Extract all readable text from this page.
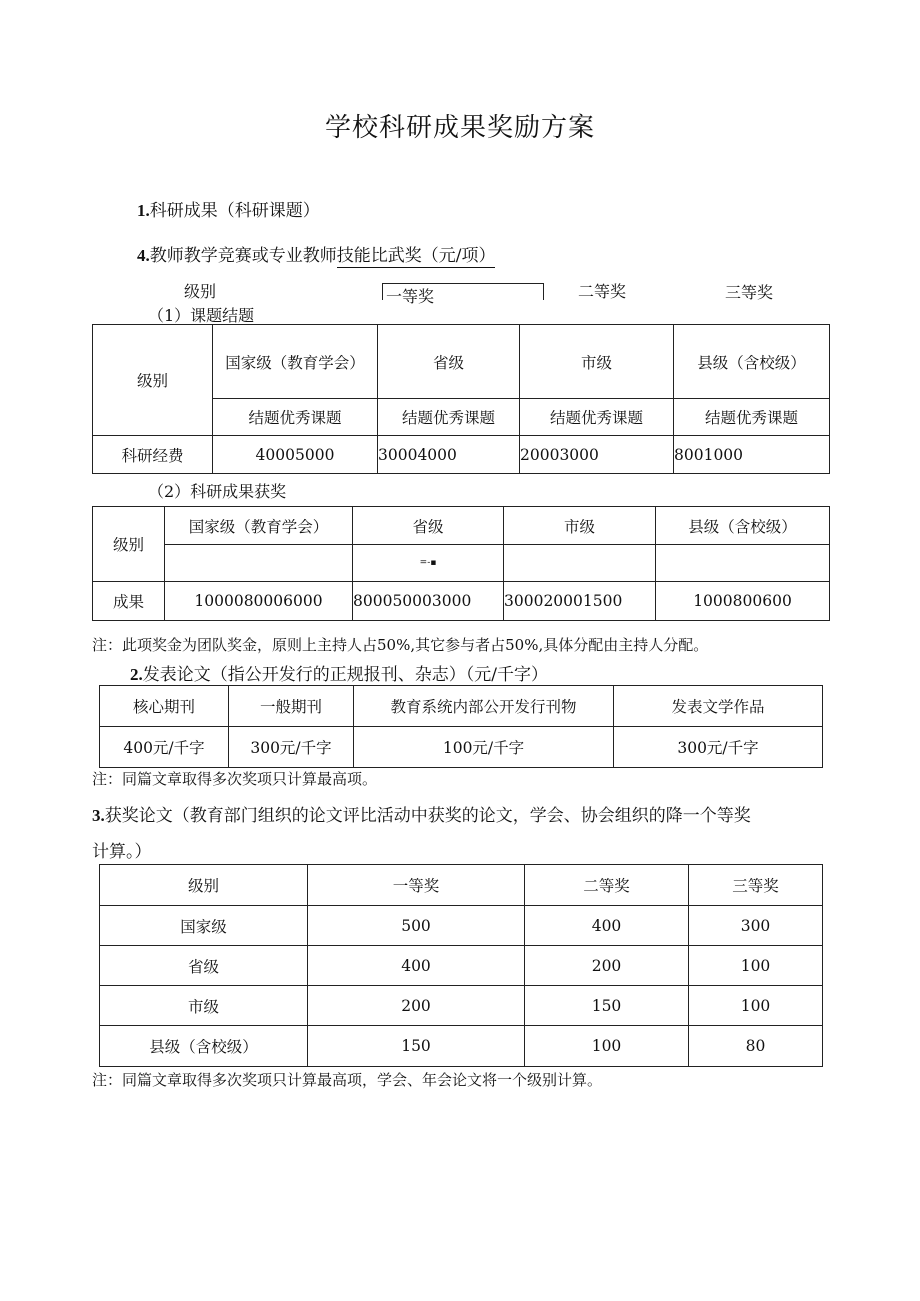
学校科研成果奖励方案
1.科研成果（科研课题）
4.教师教学竞赛或专业教师技能比武奖（元/项）
级别	一等奖	二等奖	三等奖
（1）课题结题
级别	国家级（教育学会）	省级	市级	县级（含校级）
	结题优秀课题	结题优秀课题	结题优秀课题	结题优秀课题
科研经费	40005000	30004000	20003000	8001000
（2）科研成果获奖
级别	国家级（教育学会）	省级	市级	县级（含校级）
		=-▪		
成果	1000080006000	800050003000	300020001500	1000800600
注：此项奖金为团队奖金，原则上主持人占50%,其它参与者占50%,具体分配由主持人分配。
2.发表论文（指公开发行的正规报刊、杂志）（元/千字）
核心期刊	一般期刊	教育系统内部公开发行刊物	发表文学作品
400元/千字	300元/千字	100元/千字	300元/千字
注：同篇文章取得多次奖项只计算最高项。
3.获奖论文（教育部门组织的论文评比活动中获奖的论文，学会、协会组织的降一个等奖
计算。）
级别	一等奖	二等奖	三等奖
国家级	500	400	300
省级	400	200	100
市级	200	150	100
县级（含校级）	150	100	80
注：同篇文章取得多次奖项只计算最高项，学会、年会论文将一个级别计算。
